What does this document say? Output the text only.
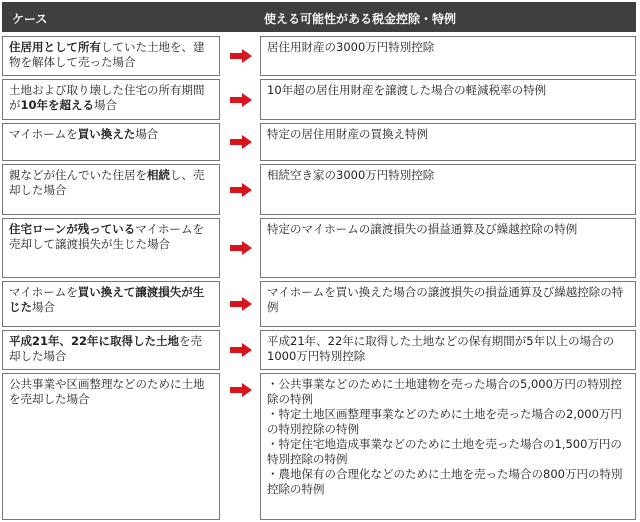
ケース	使える可能性がある税金控除・特例
住居用として所有していた土地を、建物を解体して売った場合
居住用財産の3000万円特別控除
土地および取り壊した住宅の所有期間が10年を超える場合
10年超の居住用財産を譲渡した場合の軽減税率の特例
マイホームを買い換えた場合	特定の居住用財産の買換え特例
親などが住んでいた住居を相続し、売却した場合
相続空き家の3000万円特別控除
住宅ローンが残っているマイホームを売却して譲渡損失が生じた場合
特定のマイホームの譲渡損失の損益通算及び繰越控除の特例
マイホームを買い換えて譲渡損失が生じた場合
マイホームを買い換えた場合の譲渡損失の損益通算及び繰越控除の特例
平成21年、22年に取得した土地を売却した場合
平成21年、22年に取得した土地などの保有期間が5年以上の場合の1000万円特別控除
公共事業や区画整理などのために土地を売却した場合
・公共事業などのために土地建物を売った場合の5,000万円の特別控除の特例
・特定土地区画整理事業などのために土地を売った場合の2,000万円の特別控除の特例
・特定住宅地造成事業などのために土地を売った場合の1,500万円の特別控除の特例
・農地保有の合理化などのために土地を売った場合の800万円の特別控除の特例
